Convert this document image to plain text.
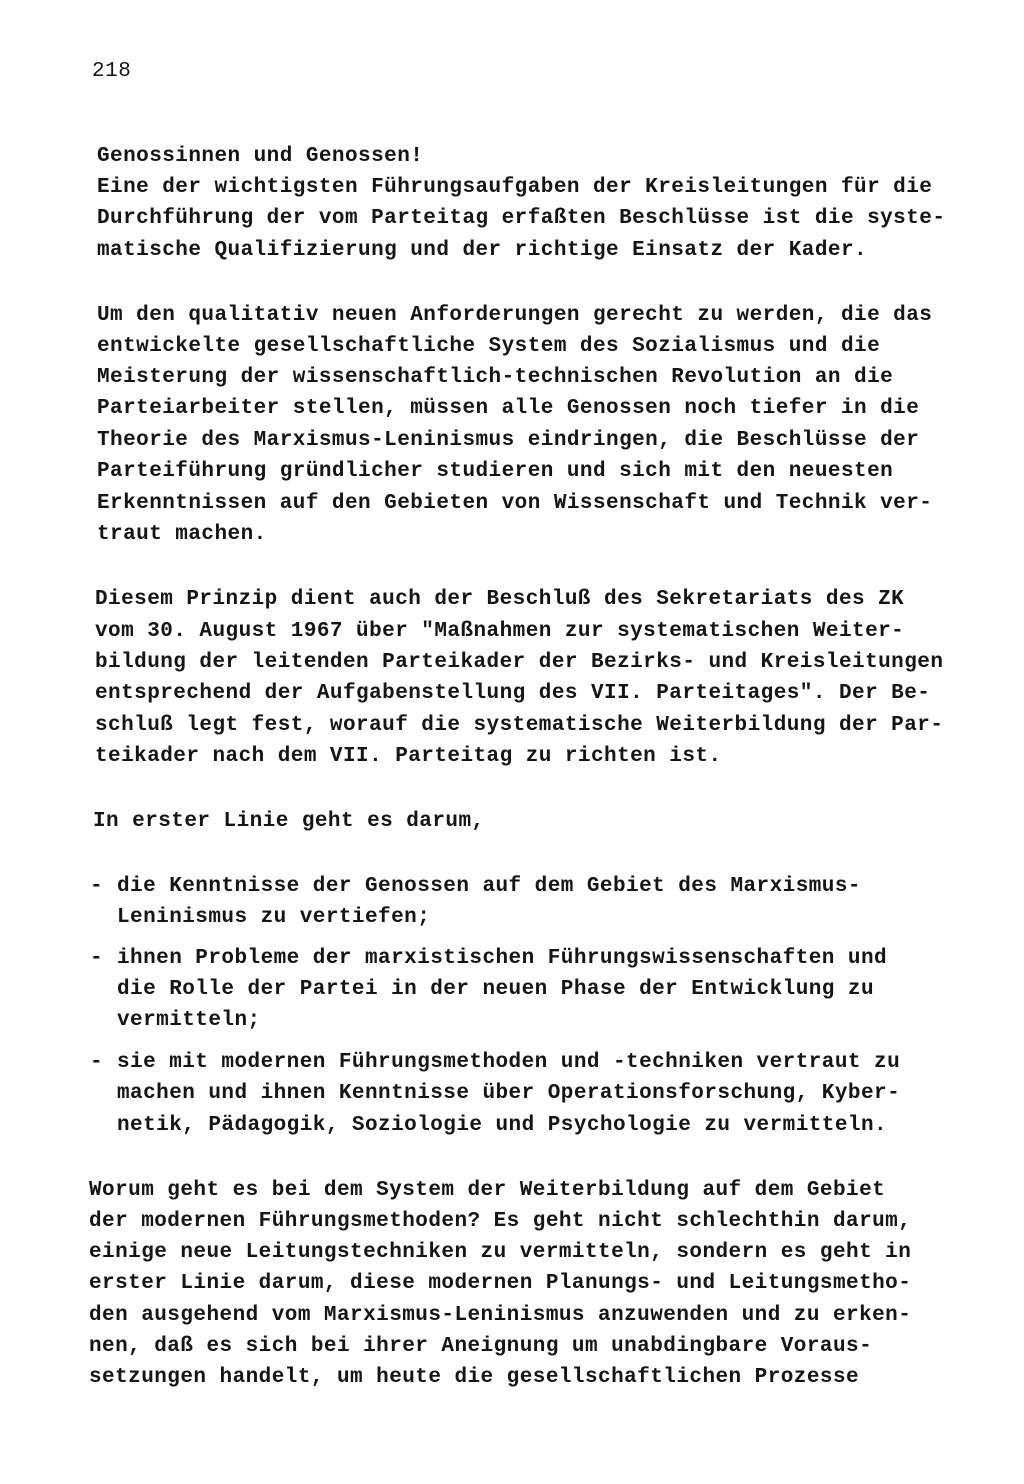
218

Genossinnen und Genossen!

Eine der wichtigsten Führungsaufgaben der Kreisleitungen für die

Durchführung der vom Parteitag erfaßten Beschlüsse ist die syste-

matische Qualifizierung und der richtige Einsatz der Kader.

Um den qualitativ neuen Anforderungen gerecht zu werden, die das

entwickelte gesellschaftliche System des Sozialismus und die

Meisterung der wissenschaftlich-technischen Revolution an die

Parteiarbeiter stellen, müssen alle Genossen noch tiefer in die

Theorie des Marxismus-Leninismus eindringen, die Beschlüsse der

Parteiführung gründlicher studieren und sich mit den neuesten

Erkenntnissen auf den Gebieten von Wissenschaft und Technik ver-

traut machen.

Diesem Prinzip dient auch der Beschluß des Sekretariats des ZK

vom 30. August 1967 über "Maßnahmen zur systematischen Weiter-

bildung der leitenden Parteikader der Bezirks- und Kreisleitungen

entsprechend der Aufgabenstellung des VII. Parteitages". Der Be-

schluß legt fest, worauf die systematische Weiterbildung der Par-

teikader nach dem VII. Parteitag zu richten ist.

In erster Linie geht es darum,

- die Kenntnisse der Genossen auf dem Gebiet des Marxismus-

Leninismus zu vertiefen;

- ihnen Probleme der marxistischen Führungswissenschaften und

die Rolle der Partei in der neuen Phase der Entwicklung zu

vermitteln;

- sie mit modernen Führungsmethoden und -techniken vertraut zu

machen und ihnen Kenntnisse über Operationsforschung, Kyber-

netik, Pädagogik, Soziologie und Psychologie zu vermitteln.

Worum geht es bei dem System der Weiterbildung auf dem Gebiet

der modernen Führungsmethoden? Es geht nicht schlechthin darum,

einige neue Leitungstechniken zu vermitteln, sondern es geht in

erster Linie darum, diese modernen Planungs- und Leitungsmetho-

den ausgehend vom Marxismus-Leninismus anzuwenden und zu erken-

nen, daß es sich bei ihrer Aneignung um unabdingbare Voraus-

setzungen handelt, um heute die gesellschaftlichen Prozesse
